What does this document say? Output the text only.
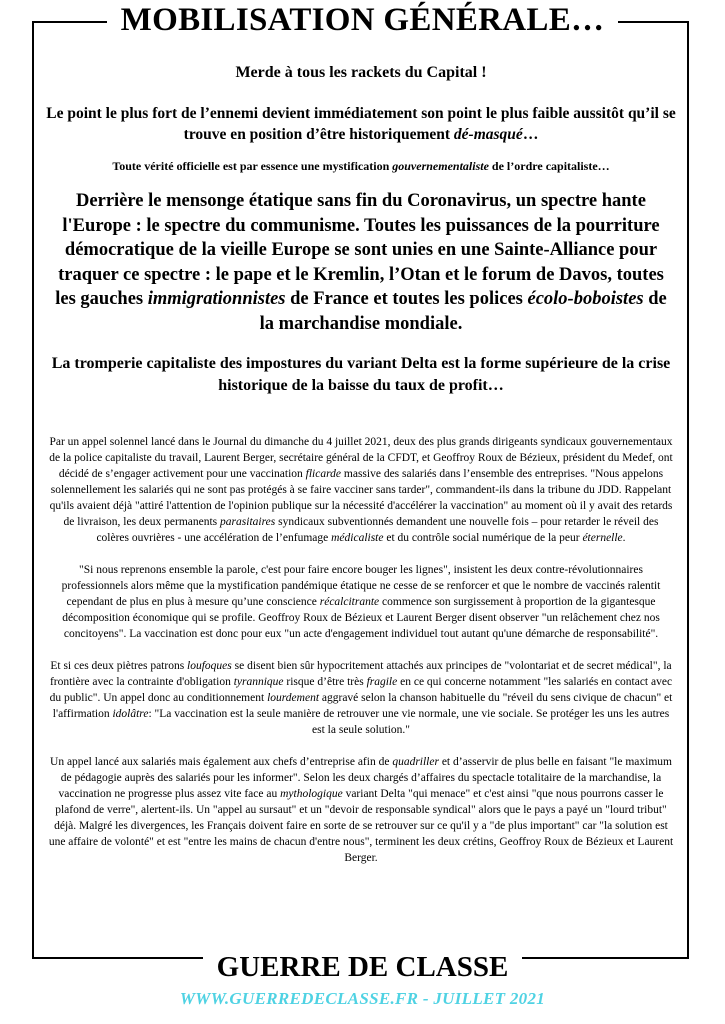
MOBILISATION GÉNÉRALE…

Merde à tous les rackets du Capital !

Le point le plus fort de l’ennemi devient immédiatement son point le plus faible aussitôt qu’il se trouve en position d’être historiquement dé-masqué…

Toute vérité officielle est par essence une mystification gouvernementaliste de l’ordre capitaliste…

Derrière le mensonge étatique sans fin du Coronavirus, un spectre hante l'Europe : le spectre du communisme. Toutes les puissances de la pourriture démocratique de la vieille Europe se sont unies en une Sainte-Alliance pour traquer ce spectre : le pape et le Kremlin, l’Otan et le forum de Davos, toutes les gauches immigrationnistes de France et toutes les polices écolo-boboistes de la marchandise mondiale.

La tromperie capitaliste des impostures du variant Delta est la forme supérieure de la crise historique de la baisse du taux de profit…

Par un appel solennel lancé dans le Journal du dimanche du 4 juillet 2021, deux des plus grands dirigeants syndicaux gouvernementaux de la police capitaliste du travail, Laurent Berger, secrétaire général de la CFDT, et Geoffroy Roux de Bézieux, président du Medef, ont décidé de s’engager activement pour une vaccination flicarde massive des salariés dans l’ensemble des entreprises. "Nous appelons solennellement les salariés qui ne sont pas protégés à se faire vacciner sans tarder", commandent-ils dans la tribune du JDD. Rappelant qu'ils avaient déjà "attiré l'attention de l'opinion publique sur la nécessité d'accélérer la vaccination" au moment où il y avait des retards de livraison, les deux permanents parasitaires syndicaux subventionnés demandent une nouvelle fois – pour retarder le réveil des colères ouvrières - une accélération de l’enfumage médicaliste et du contrôle social numérique de la peur éternelle.

"Si nous reprenons ensemble la parole, c'est pour faire encore bouger les lignes", insistent les deux contre-révolutionnaires professionnels alors même que la mystification pandémique étatique ne cesse de se renforcer et que le nombre de vaccinés ralentit cependant de plus en plus à mesure qu’une conscience récalcitrante commence son surgissement à proportion de la gigantesque décomposition économique qui se profile. Geoffroy Roux de Bézieux et Laurent Berger disent observer "un relâchement chez nos concitoyens". La vaccination est donc pour eux "un acte d'engagement individuel tout autant qu'une démarche de responsabilité".

Et si ces deux piètres patrons loufoques se disent bien sûr hypocritement attachés aux principes de "volontariat et de secret médical", la frontière avec la contrainte d'obligation tyrannique risque d’être très fragile en ce qui concerne notamment "les salariés en contact avec du public". Un appel donc au conditionnement lourdement aggravé selon la chanson habituelle du "réveil du sens civique de chacun" et l'affirmation idolâtre: "La vaccination est la seule manière de retrouver une vie normale, une vie sociale. Se protéger les uns les autres est la seule solution."

Un appel lancé aux salariés mais également aux chefs d’entreprise afin de quadriller et d’asservir de plus belle en faisant "le maximum de pédagogie auprès des salariés pour les informer". Selon les deux chargés d’affaires du spectacle totalitaire de la marchandise, la vaccination ne progresse plus assez vite face au mythologique variant Delta "qui menace" et c'est ainsi "que nous pourrons casser le plafond de verre", alertent-ils. Un "appel au sursaut" et un "devoir de responsable syndical" alors que le pays a payé un "lourd tribut" déjà. Malgré les divergences, les Français doivent faire en sorte de se retrouver sur ce qu'il y a "de plus important" car "la solution est une affaire de volonté" et est "entre les mains de chacun d'entre nous", terminent les deux crétins, Geoffroy Roux de Bézieux et Laurent Berger.

GUERRE DE CLASSE
WWW.GUERREDECLASSE.FR - JUILLET 2021
